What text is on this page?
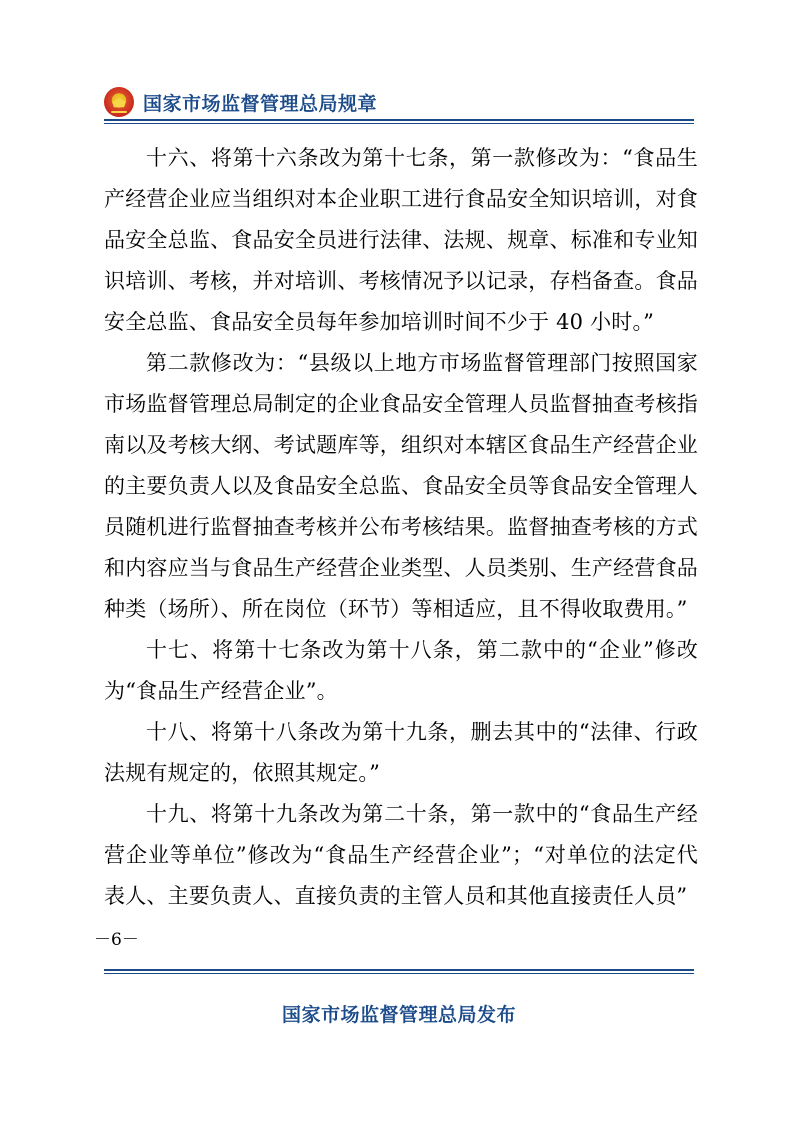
国家市场监督管理总局规章

十六、将第十六条改为第十七条，第一款修改为：“食品生产经营企业应当组织对本企业职工进行食品安全知识培训，对食品安全总监、食品安全员进行法律、法规、规章、标准和专业知识培训、考核，并对培训、考核情况予以记录，存档备查。食品安全总监、食品安全员每年参加培训时间不少于 40 小时。”

第二款修改为：“县级以上地方市场监督管理部门按照国家市场监督管理总局制定的企业食品安全管理人员监督抽查考核指南以及考核大纲、考试题库等，组织对本辖区食品生产经营企业的主要负责人以及食品安全总监、食品安全员等食品安全管理人员随机进行监督抽查考核并公布考核结果。监督抽查考核的方式和内容应当与食品生产经营企业类型、人员类别、生产经营食品种类（场所）、所在岗位（环节）等相适应，且不得收取费用。”

十七、将第十七条改为第十八条，第二款中的“企业”修改为“食品生产经营企业”。

十八、将第十八条改为第十九条，删去其中的“法律、行政法规有规定的，依照其规定。”

十九、将第十九条改为第二十条，第一款中的“食品生产经营企业等单位”修改为“食品生产经营企业”；“对单位的法定代表人、主要负责人、直接负责的主管人员和其他直接责任人员”

－6－
国家市场监督管理总局发布
